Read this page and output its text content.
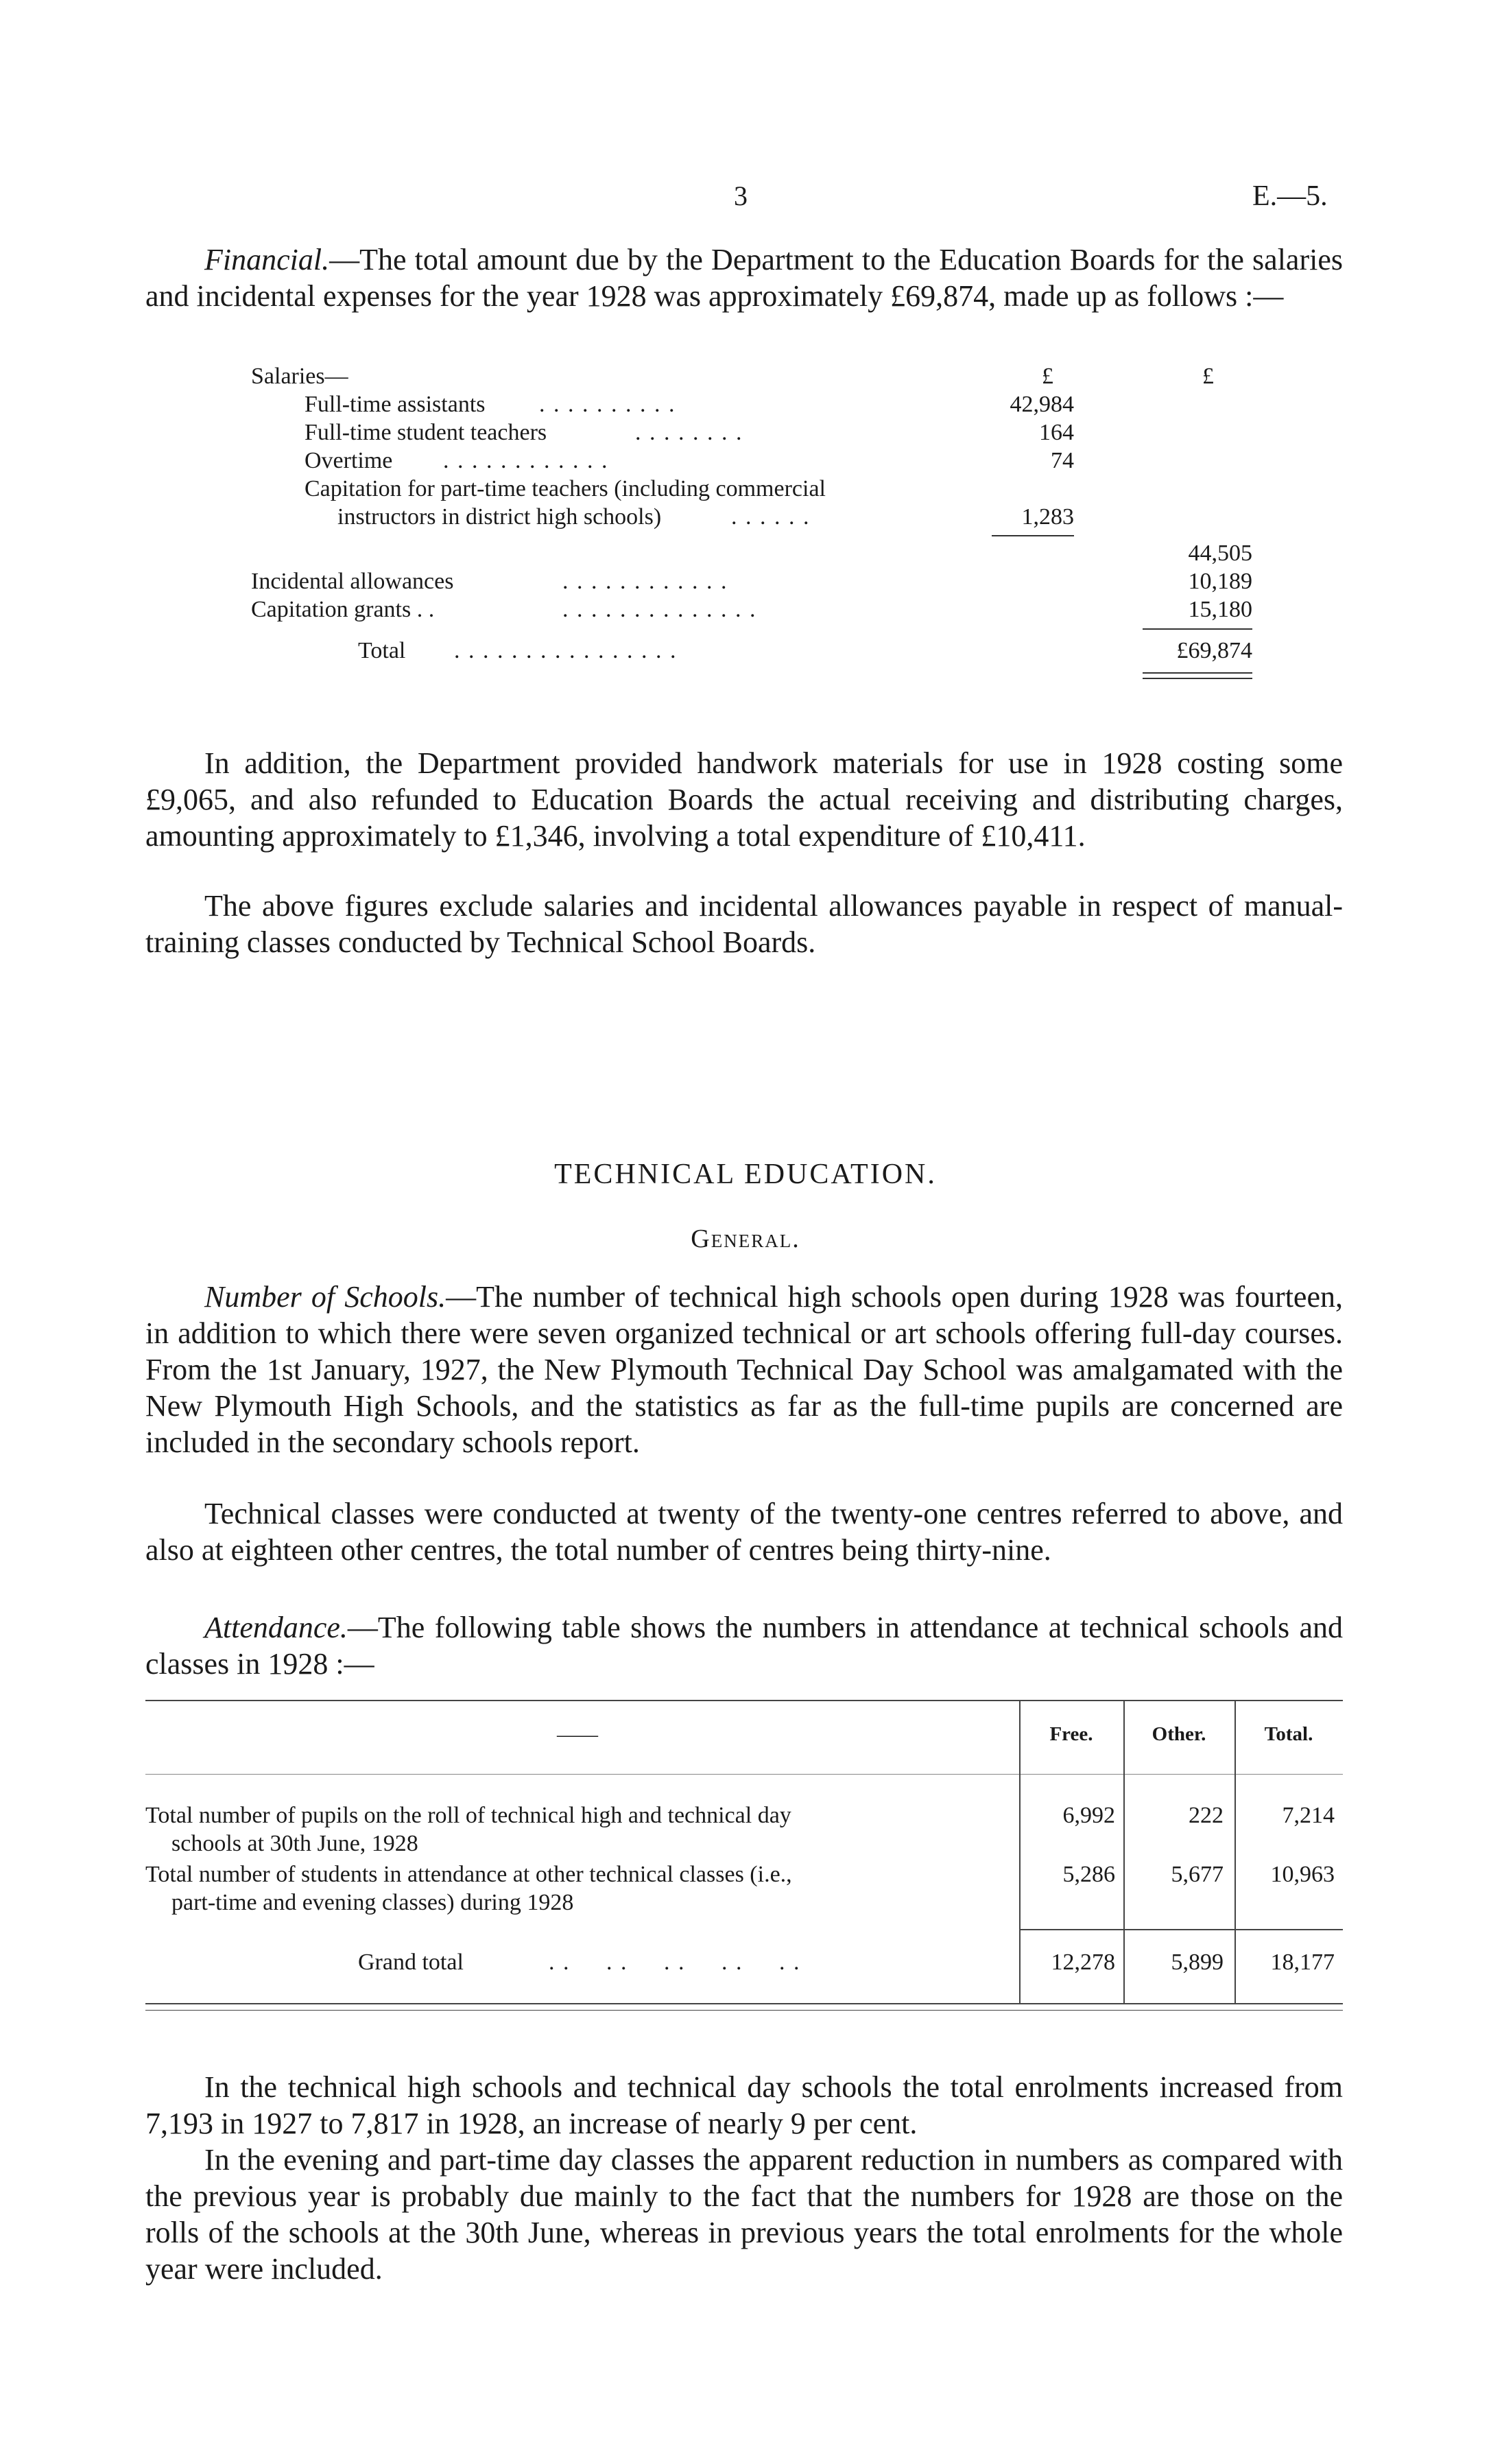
3	E.—5.

Financial.—The total amount due by the Department to the Education Boards for the salaries and incidental expenses for the year 1928 was approximately £69,874, made up as follows :—

Salaries—	£	£
Full-time assistants . . . . . . . . . .	42,984
Full-time student teachers	. . . . . . . .	164
Overtime . . . . . . . . . . . .	74
Capitation for part-time teachers (including commercial
instructors in district high schools)	. . . . . .	1,283
44,505
Incidental allowances	. . . . . . . . . . . .	10,189
Capitation grants . .	. . . . . . . . . . . . . .	15,180
Total . . . . . . . . . . . . . . . .	£69,874

In addition, the Department provided handwork materials for use in 1928 costing some £9,065, and also refunded to Education Boards the actual receiving and distributing charges, amounting approximately to £1,346, involving a total expenditure of £10,411.

The above figures exclude salaries and incidental allowances payable in respect of manual-training classes conducted by Technical School Boards.

TECHNICAL EDUCATION.
General.

Number of Schools.—The number of technical high schools open during 1928 was fourteen, in addition to which there were seven organized technical or art schools offering full-day courses. From the 1st January, 1927, the New Plymouth Technical Day School was amalgamated with the New Plymouth High Schools, and the statistics as far as the full-time pupils are concerned are included in the secondary schools report.

Technical classes were conducted at twenty of the twenty-one centres referred to above, and also at eighteen other centres, the total number of centres being thirty-nine.

Attendance.—The following table shows the numbers in attendance at technical schools and classes in 1928 :—

——	Free.	Other.	Total.
Total number of pupils on the roll of technical high and technical day
schools at 30th June, 1928
6,992	222	7,214
Total number of students in attendance at other technical classes (i.e.,
part-time and evening classes) during 1928
5,286	5,677	10,963
Grand total	. .     . .     . .     . .     . .	12,278	5,899	18,177

In the technical high schools and technical day schools the total enrolments increased from 7,193 in 1927 to 7,817 in 1928, an increase of nearly 9 per cent.

In the evening and part-time day classes the apparent reduction in numbers as compared with the previous year is probably due mainly to the fact that the numbers for 1928 are those on the rolls of the schools at the 30th June, whereas in previous years the total enrolments for the whole year were included.
